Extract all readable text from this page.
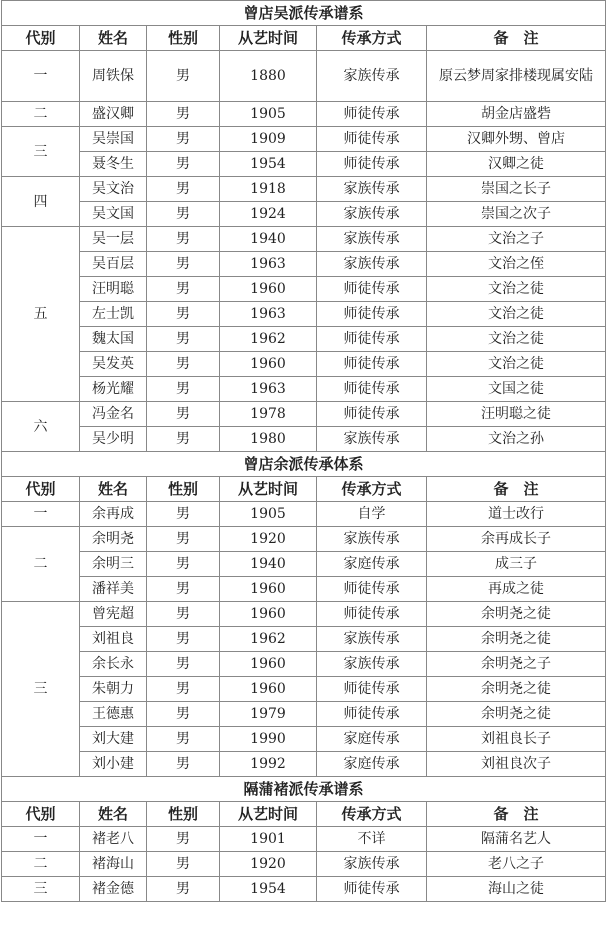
曾店吴派传承谱系					
代别	姓名	性别	从艺时间	传承方式	备　注
一	周铁保	男	1880	家族传承	原云梦周家排楼现属安陆
二	盛汉卿	男	1905	师徒传承	胡金店盛砦
三	吴崇国	男	1909	师徒传承	汉卿外甥、曾店
	聂冬生	男	1954	师徒传承	汉卿之徒
四	吴文治	男	1918	家族传承	崇国之长子
	吴文国	男	1924	家族传承	崇国之次子
五	吴一层	男	1940	家族传承	文治之子
	吴百层	男	1963	家族传承	文治之侄
	汪明聪	男	1960	师徒传承	文治之徒
	左士凯	男	1963	师徒传承	文治之徒
	魏太国	男	1962	师徒传承	文治之徒
	吴发英	男	1960	师徒传承	文治之徒
	杨光耀	男	1963	师徒传承	文国之徒
六	冯金名	男	1978	师徒传承	汪明聪之徒
	吴少明	男	1980	家族传承	文治之孙
曾店余派传承体系					
代别	姓名	性别	从艺时间	传承方式	备　注
一	余再成	男	1905	自学	道士改行
二	余明尧	男	1920	家族传承	余再成长子
	余明三	男	1940	家庭传承	成三子
	潘祥美	男	1960	师徒传承	再成之徒
三	曾宪超	男	1960	师徒传承	余明尧之徒
	刘祖良	男	1962	家族传承	余明尧之徒
	余长永	男	1960	家族传承	余明尧之子
	朱朝力	男	1960	师徒传承	余明尧之徒
	王德惠	男	1979	师徒传承	余明尧之徒
	刘大建	男	1990	家庭传承	刘祖良长子
	刘小建	男	1992	家庭传承	刘祖良次子
隔蒲褚派传承谱系					
代别	姓名	性别	从艺时间	传承方式	备　注
一	褚老八	男	1901	不详	隔蒲名艺人
二	褚海山	男	1920	家族传承	老八之子
三	褚金德	男	1954	师徒传承	海山之徒
